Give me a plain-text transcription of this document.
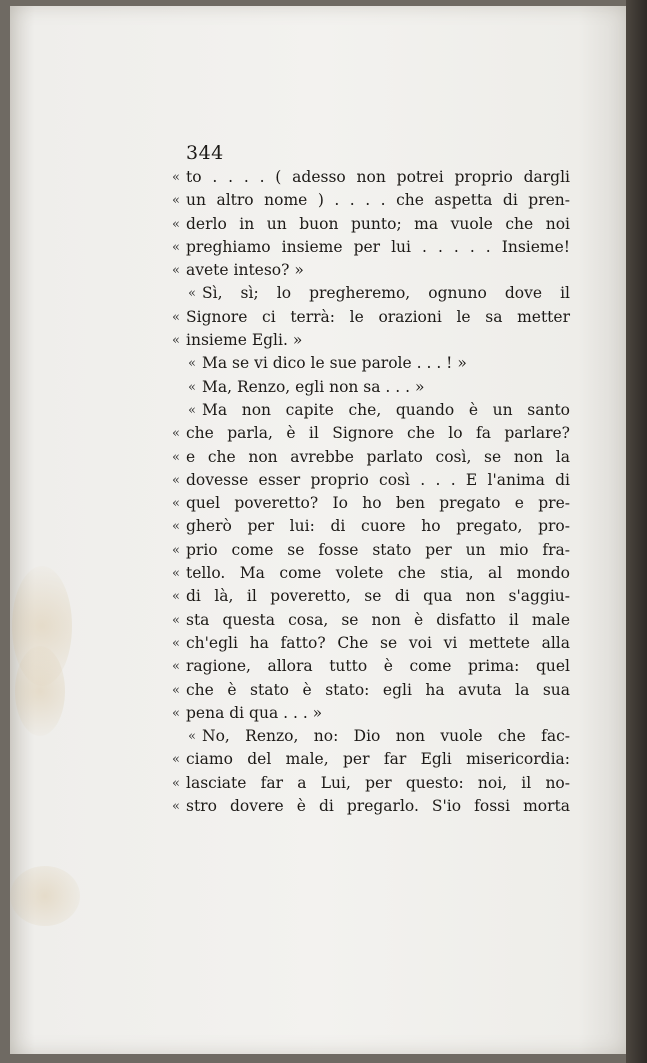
344
« to . . . . ( adesso non potrei proprio dargli
« un altro nome ) . . . . che aspetta di pren-
« derlo in un buon punto; ma vuole che noi
« preghiamo insieme per lui . . . . . Insieme!
« avete inteso? »
« Sì, sì; lo pregheremo, ognuno dove il
« Signore ci terrà: le orazioni le sa metter
« insieme Egli. »
« Ma se vi dico le sue parole . . . ! »
« Ma, Renzo, egli non sa . . . »
« Ma non capite che, quando è un santo
« che parla, è il Signore che lo fa parlare?
« e che non avrebbe parlato così, se non la
« dovesse esser proprio così . . . E l'anima di
« quel poveretto? Io ho ben pregato e pre-
« gherò per lui: di cuore ho pregato, pro-
« prio come se fosse stato per un mio fra-
« tello. Ma come volete che stia, al mondo
« di là, il poveretto, se di qua non s'aggiu-
« sta questa cosa, se non è disfatto il male
« ch'egli ha fatto? Che se voi vi mettete alla
« ragione, allora tutto è come prima: quel
« che è stato è stato: egli ha avuta la sua
« pena di qua . . . »
« No, Renzo, no: Dio non vuole che fac-
« ciamo del male, per far Egli misericordia:
« lasciate far a Lui, per questo: noi, il no-
« stro dovere è di pregarlo. S'io fossi morta
